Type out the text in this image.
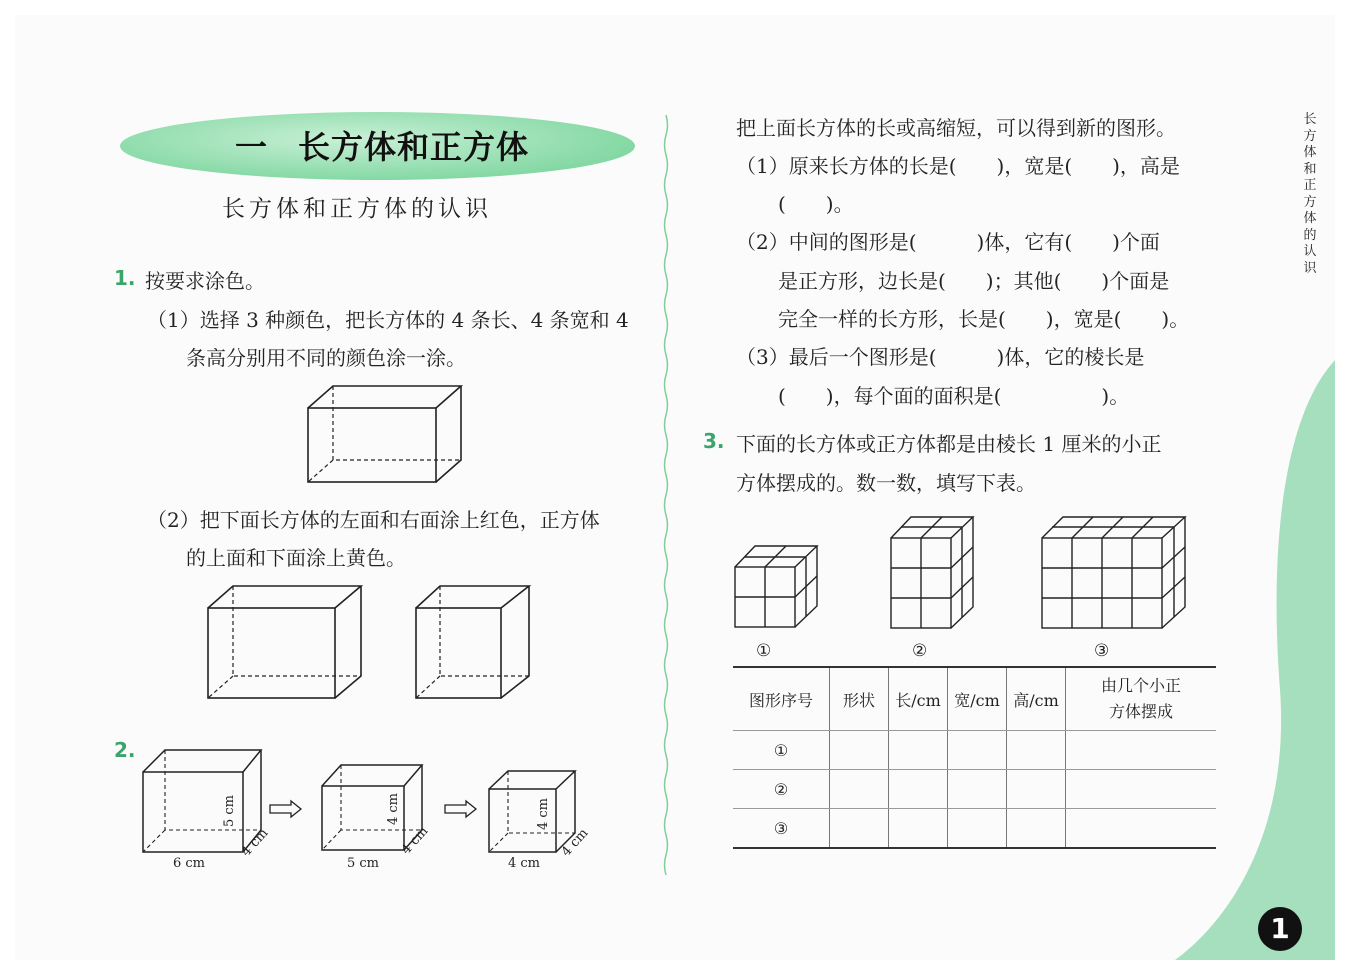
一 长方体和正方体
长方体和正方体的认识
1. 按要求涂色。
（1）选择 3 种颜色，把长方体的 4 条长、4 条宽和 4
条高分别用不同的颜色涂一涂。
（2）把下面长方体的左面和右面涂上红色，正方体
的上面和下面涂上黄色。
2.
6 cm
4 cm
5 cm
5 cm
4 cm
4 cm
4 cm
4 cm
4 cm
把上面长方体的长或高缩短，可以得到新的图形。
（1）原来长方体的长是(　　)，宽是(　　)，高是
(　　)。
（2）中间的图形是(　　　)体，它有(　　)个面
是正方形，边长是(　　)；其他(　　)个面是
完全一样的长方形，长是(　　)，宽是(　　)。
（3）最后一个图形是(　　　)体，它的棱长是
(　　)，每个面的面积是(　　　　　)。
3. 下面的长方体或正方体都是由棱长 1 厘米的小正
方体摆成的。数一数，填写下表。
①	②	③
图形序号	形状	长/cm	宽/cm	高/cm	由几个小正方体摆成
①					
②					
③					
长方体和正方体的认识
1
